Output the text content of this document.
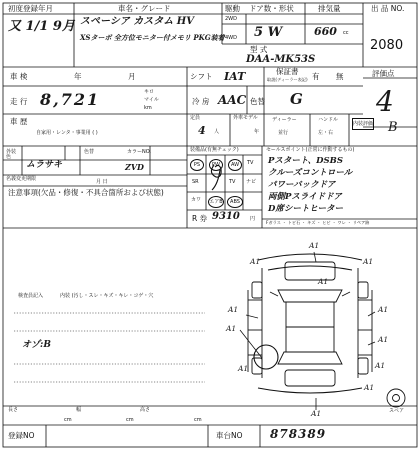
初度登録年月
又 1/1 9月
車名・グレード
スペーシア カスタム HV
XSターボ 全方位モニター付メモリ PKG装着
駆動
2WD
4WD
ドア数・形状
5 W
排気量
660 cc
型 式
DAA-MK53S
出 品 NO.
2080
車 検	年	月	シフト IAT	保証書
取説(ディーラー表記) 有 無	評価点
走 行 8,721	キロ
マイル
km
冷 房 AAC 色替 G	4
車 歴
自家用・レンタ・事業用 ( )
定員
4 人
外車モデル
年
ディーラー
並行
ハンドル
左・右
内装評価 B
外装色
ムラサキ
色替	カラーNO.
ZVD
名義変更期限	月 日
注意事項(欠品・修復・不具合箇所および状態)
装備品(有無チェック)
PS	PW	AW	TV
SR	TV ナビ
カワ エアB	ABS
R 券 9310 円
セールスポイント(正常に作動するもの)
Pスタート、DSBS
クルーズコントロール
パワーバックドア
両側Pスライドドア
D席シートヒーター
Fガラス ・ トビ石 ・ キズ ・ ヒビ ・ ワレ ・ リペア跡
検査員記入	内装 (汚し・スレ・キズ・キレ・コゲ・穴
オゾ:B
A1
A1	A1
A1
A1	A1
A1
A1
A1	A1
A1
A1	スペア
長さ
cm
幅
cm
高さ
cm
登録NO	車台NO 878389
